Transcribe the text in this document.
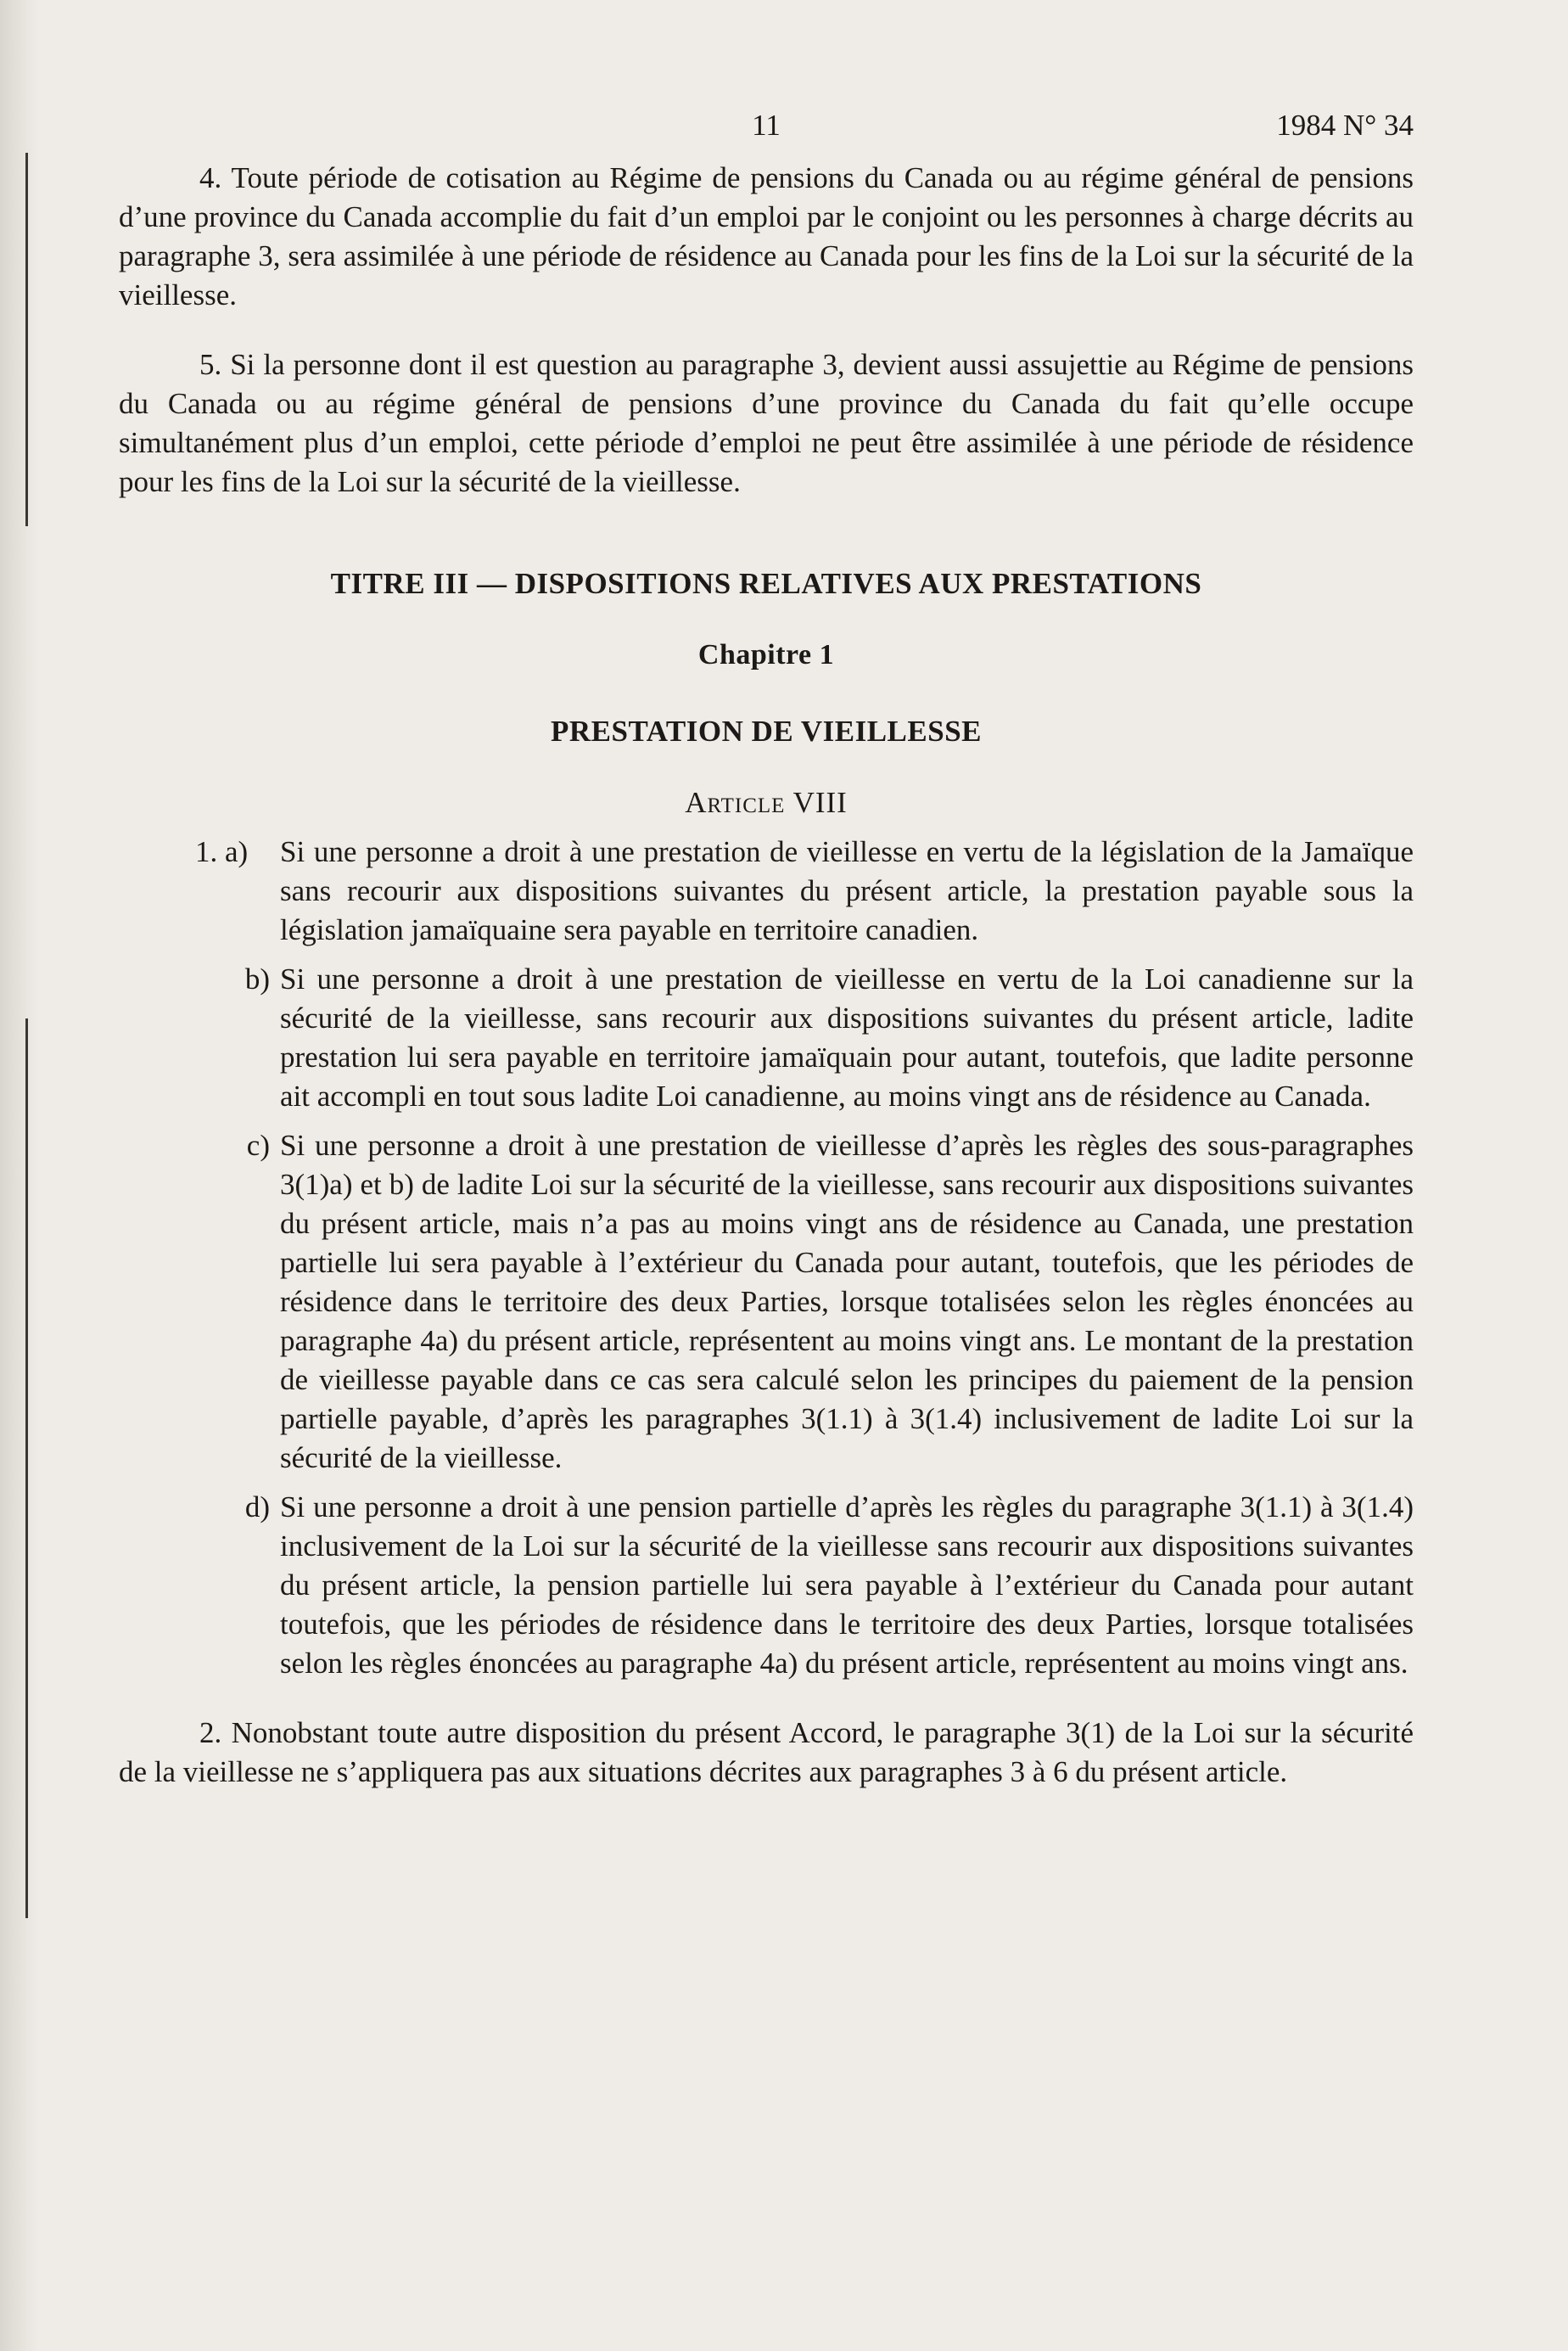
11	1984 N° 34

4. Toute période de cotisation au Régime de pensions du Canada ou au régime général de pensions d’une province du Canada accomplie du fait d’un emploi par le conjoint ou les personnes à charge décrits au paragraphe 3, sera assimilée à une période de résidence au Canada pour les fins de la Loi sur la sécurité de la vieillesse.

5. Si la personne dont il est question au paragraphe 3, devient aussi assujettie au Régime de pensions du Canada ou au régime général de pensions d’une province du Canada du fait qu’elle occupe simultanément plus d’un emploi, cette période d’emploi ne peut être assimilée à une période de résidence pour les fins de la Loi sur la sécurité de la vieillesse.

TITRE III — DISPOSITIONS RELATIVES AUX PRESTATIONS
Chapitre 1
PRESTATION DE VIEILLESSE
Article VIII
1. a)	Si une personne a droit à une prestation de vieillesse en vertu de la législation de la Jamaïque sans recourir aux dispositions suivantes du présent article, la prestation payable sous la législation jamaïquaine sera payable en territoire canadien.
b) Si une personne a droit à une prestation de vieillesse en vertu de la Loi canadienne sur la sécurité de la vieillesse, sans recourir aux dispositions suivantes du présent article, ladite prestation lui sera payable en territoire jamaïquain pour autant, toutefois, que ladite personne ait accompli en tout sous ladite Loi canadienne, au moins vingt ans de résidence au Canada.
c) Si une personne a droit à une prestation de vieillesse d’après les règles des sous-paragraphes 3(1)a) et b) de ladite Loi sur la sécurité de la vieillesse, sans recourir aux dispositions suivantes du présent article, mais n’a pas au moins vingt ans de résidence au Canada, une prestation partielle lui sera payable à l’extérieur du Canada pour autant, toutefois, que les périodes de résidence dans le territoire des deux Parties, lorsque totalisées selon les règles énoncées au paragraphe 4a) du présent article, représentent au moins vingt ans. Le montant de la prestation de vieillesse payable dans ce cas sera calculé selon les principes du paiement de la pension partielle payable, d’après les paragraphes 3(1.1) à 3(1.4) inclusivement de ladite Loi sur la sécurité de la vieillesse.
d) Si une personne a droit à une pension partielle d’après les règles du paragraphe 3(1.1) à 3(1.4) inclusivement de la Loi sur la sécurité de la vieillesse sans recourir aux dispositions suivantes du présent article, la pension partielle lui sera payable à l’extérieur du Canada pour autant toutefois, que les périodes de résidence dans le territoire des deux Parties, lorsque totalisées selon les règles énoncées au paragraphe 4a) du présent article, représentent au moins vingt ans.

2. Nonobstant toute autre disposition du présent Accord, le paragraphe 3(1) de la Loi sur la sécurité de la vieillesse ne s’appliquera pas aux situations décrites aux paragraphes 3 à 6 du présent article.
